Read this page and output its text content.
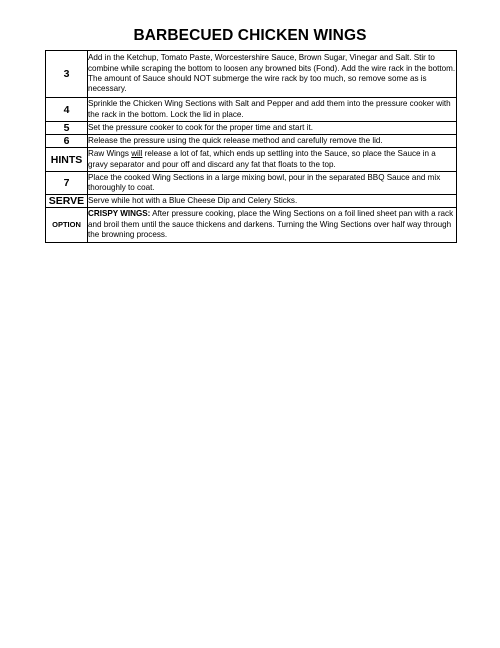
BARBECUED CHICKEN WINGS
3	Add in the Ketchup, Tomato Paste, Worcestershire Sauce, Brown Sugar, Vinegar and Salt. Stir to combine while scraping the bottom to loosen any browned bits (Fond). Add the wire rack in the bottom. The amount of Sauce should NOT submerge the wire rack by too much, so remove some as is necessary.
4	Sprinkle the Chicken Wing Sections with Salt and Pepper and add them into the pressure cooker with the rack in the bottom. Lock the lid in place.
5	Set the pressure cooker to cook for the proper time and start it.
6	Release the pressure using the quick release method and carefully remove the lid.
HINTS	Raw Wings will release a lot of fat, which ends up settling into the Sauce, so place the Sauce in a gravy separator and pour off and discard any fat that floats to the top.
7	Place the cooked Wing Sections in a large mixing bowl, pour in the separated BBQ Sauce and mix thoroughly to coat.
SERVE	Serve while hot with a Blue Cheese Dip and Celery Sticks.
OPTION	CRISPY WINGS: After pressure cooking, place the Wing Sections on a foil lined sheet pan with a rack and broil them until the sauce thickens and darkens. Turning the Wing Sections over half way through the browning process.
